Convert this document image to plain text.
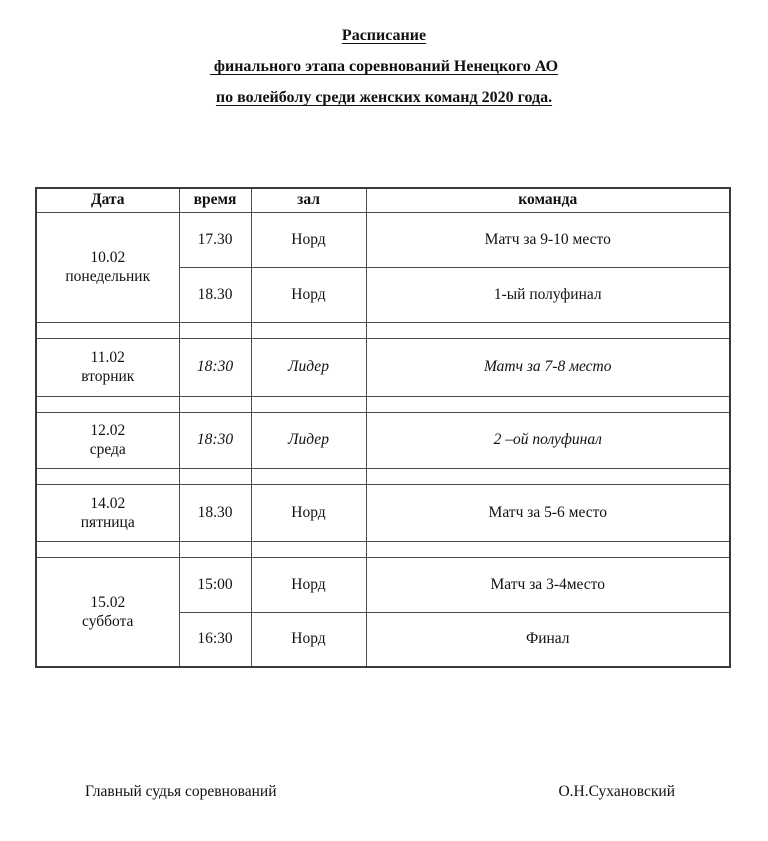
Расписание
финального этапа соревнований Ненецкого АО
по волейболу среди женских команд 2020 года.
Дата	время	зал	команда

10.02
понедельник	17.30	Норд	Матч за 9-10 место
	18.30	Норд	1-ый полуфинал

11.02
вторник	18:30	Лидер	Матч за 7-8 место

12.02
среда	18:30	Лидер	2 –ой полуфинал

14.02
пятница	18.30	Норд	Матч за 5-6 место

15.02
суббота	15:00	Норд	Матч за 3-4место
	16:30	Норд	Финал
Главный судья соревнований	О.Н.Сухановский
